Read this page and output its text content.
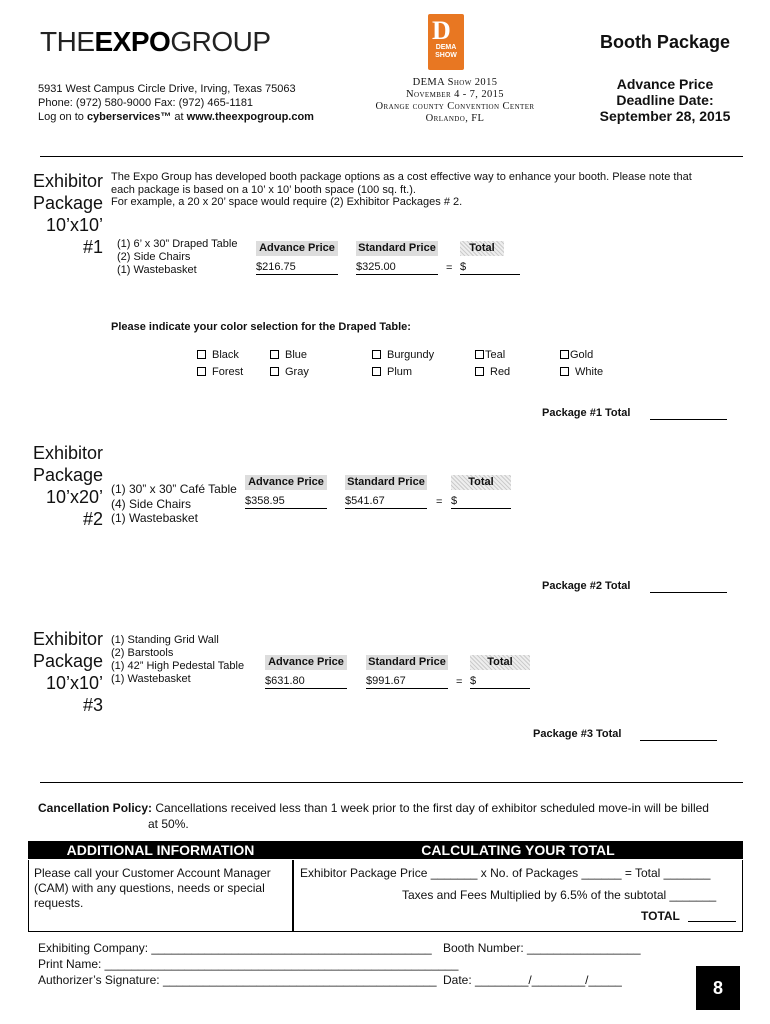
THEEXPOGROUP
5931 West Campus Circle Drive, Irving, Texas 75063
Phone: (972) 580-9000 Fax: (972) 465-1181
Log on to cyberservices™ at www.theexpogroup.com
D
DEMA SHOW
DEMA Show 2015
November 4 - 7, 2015
Orange county Convention Center
Orlando, FL
Booth Package
Advance Price
Deadline Date:
September 28, 2015
Exhibitor
Package
10’x10’
#1
The Expo Group has developed booth package options as a cost effective way to enhance your booth. Please note that
each package is based on a 10’ x 10’ booth space (100 sq. ft.).
For example, a 20 x 20’ space would require (2) Exhibitor Packages # 2.
(1) 6’ x 30” Draped Table
(2) Side Chairs
(1) Wastebasket
Advance Price Standard Price	Total
$216.75	$325.00	= $
Please indicate your color selection for the Draped Table:
Black	Blue	Burgundy	Teal	Gold
Forest	Gray	Plum	Red	White
Package #1 Total
Exhibitor
Package
10’x20’
#2
(1) 30” x 30” Café Table
(4) Side Chairs
(1) Wastebasket
Advance Price Standard Price	Total
$358.95	$541.67	= $
Package #2 Total
Exhibitor
Package
10’x10’
#3
(1) Standing Grid Wall
(2) Barstools
(1) 42” High Pedestal Table
(1) Wastebasket
Advance Price Standard Price	Total
$631.80	$991.67	= $
Package #3 Total
Cancellation Policy: Cancellations received less than 1 week prior to the first day of exhibitor scheduled move-in will be billed
at 50%.
ADDITIONAL INFORMATION	CALCULATING YOUR TOTAL
Please call your Customer Account Manager (CAM) with any questions, needs or special requests.
Exhibitor Package Price _______ x No. of Packages ______ = Total _______
Taxes and Fees Multiplied by 6.5% of the subtotal _______
TOTAL
Exhibiting Company: __________________________________________ Booth Number: _________________
Print Name: _____________________________________________________
Authorizer’s Signature: _________________________________________ Date: ________/________/_____	8
